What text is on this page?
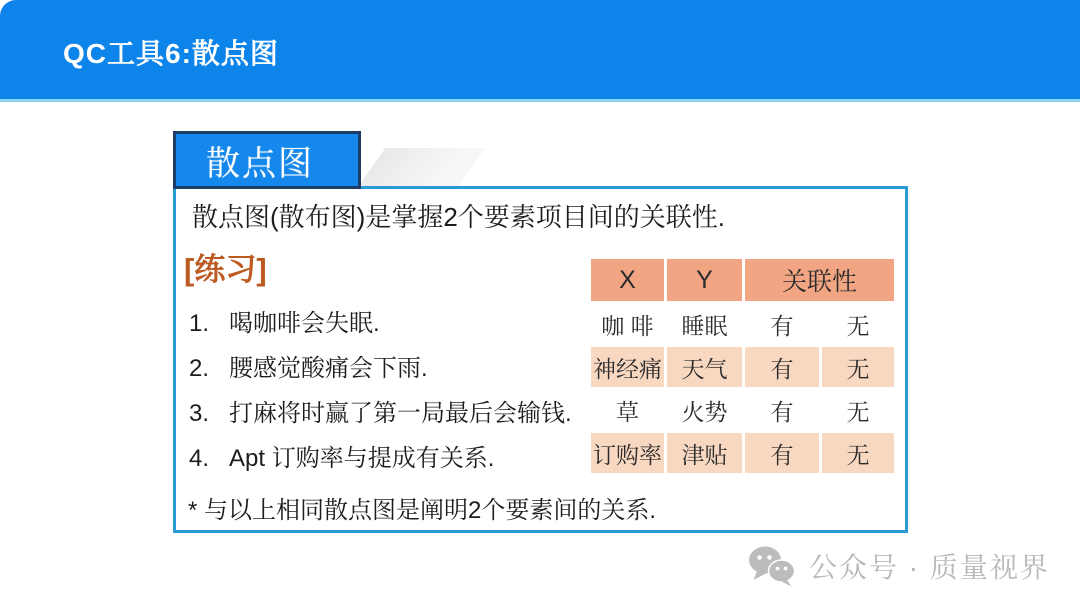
QC工具6:散点图
散点图
散点图(散布图)是掌握2个要素项目间的关联性.
[练习]
1. 喝咖啡会失眠.
2. 腰感觉酸痛会下雨.
3. 打麻将时赢了第一局最后会输钱.
4. Apt 订购率与提成有关系.
X	Y	关联性	
咖 啡	睡眠	有	无
神经痛	天气	有	无
草	火势	有	无
订购率	津贴	有	无
* 与以上相同散点图是阐明2个要素间的关系.
公众号 · 质量视界
